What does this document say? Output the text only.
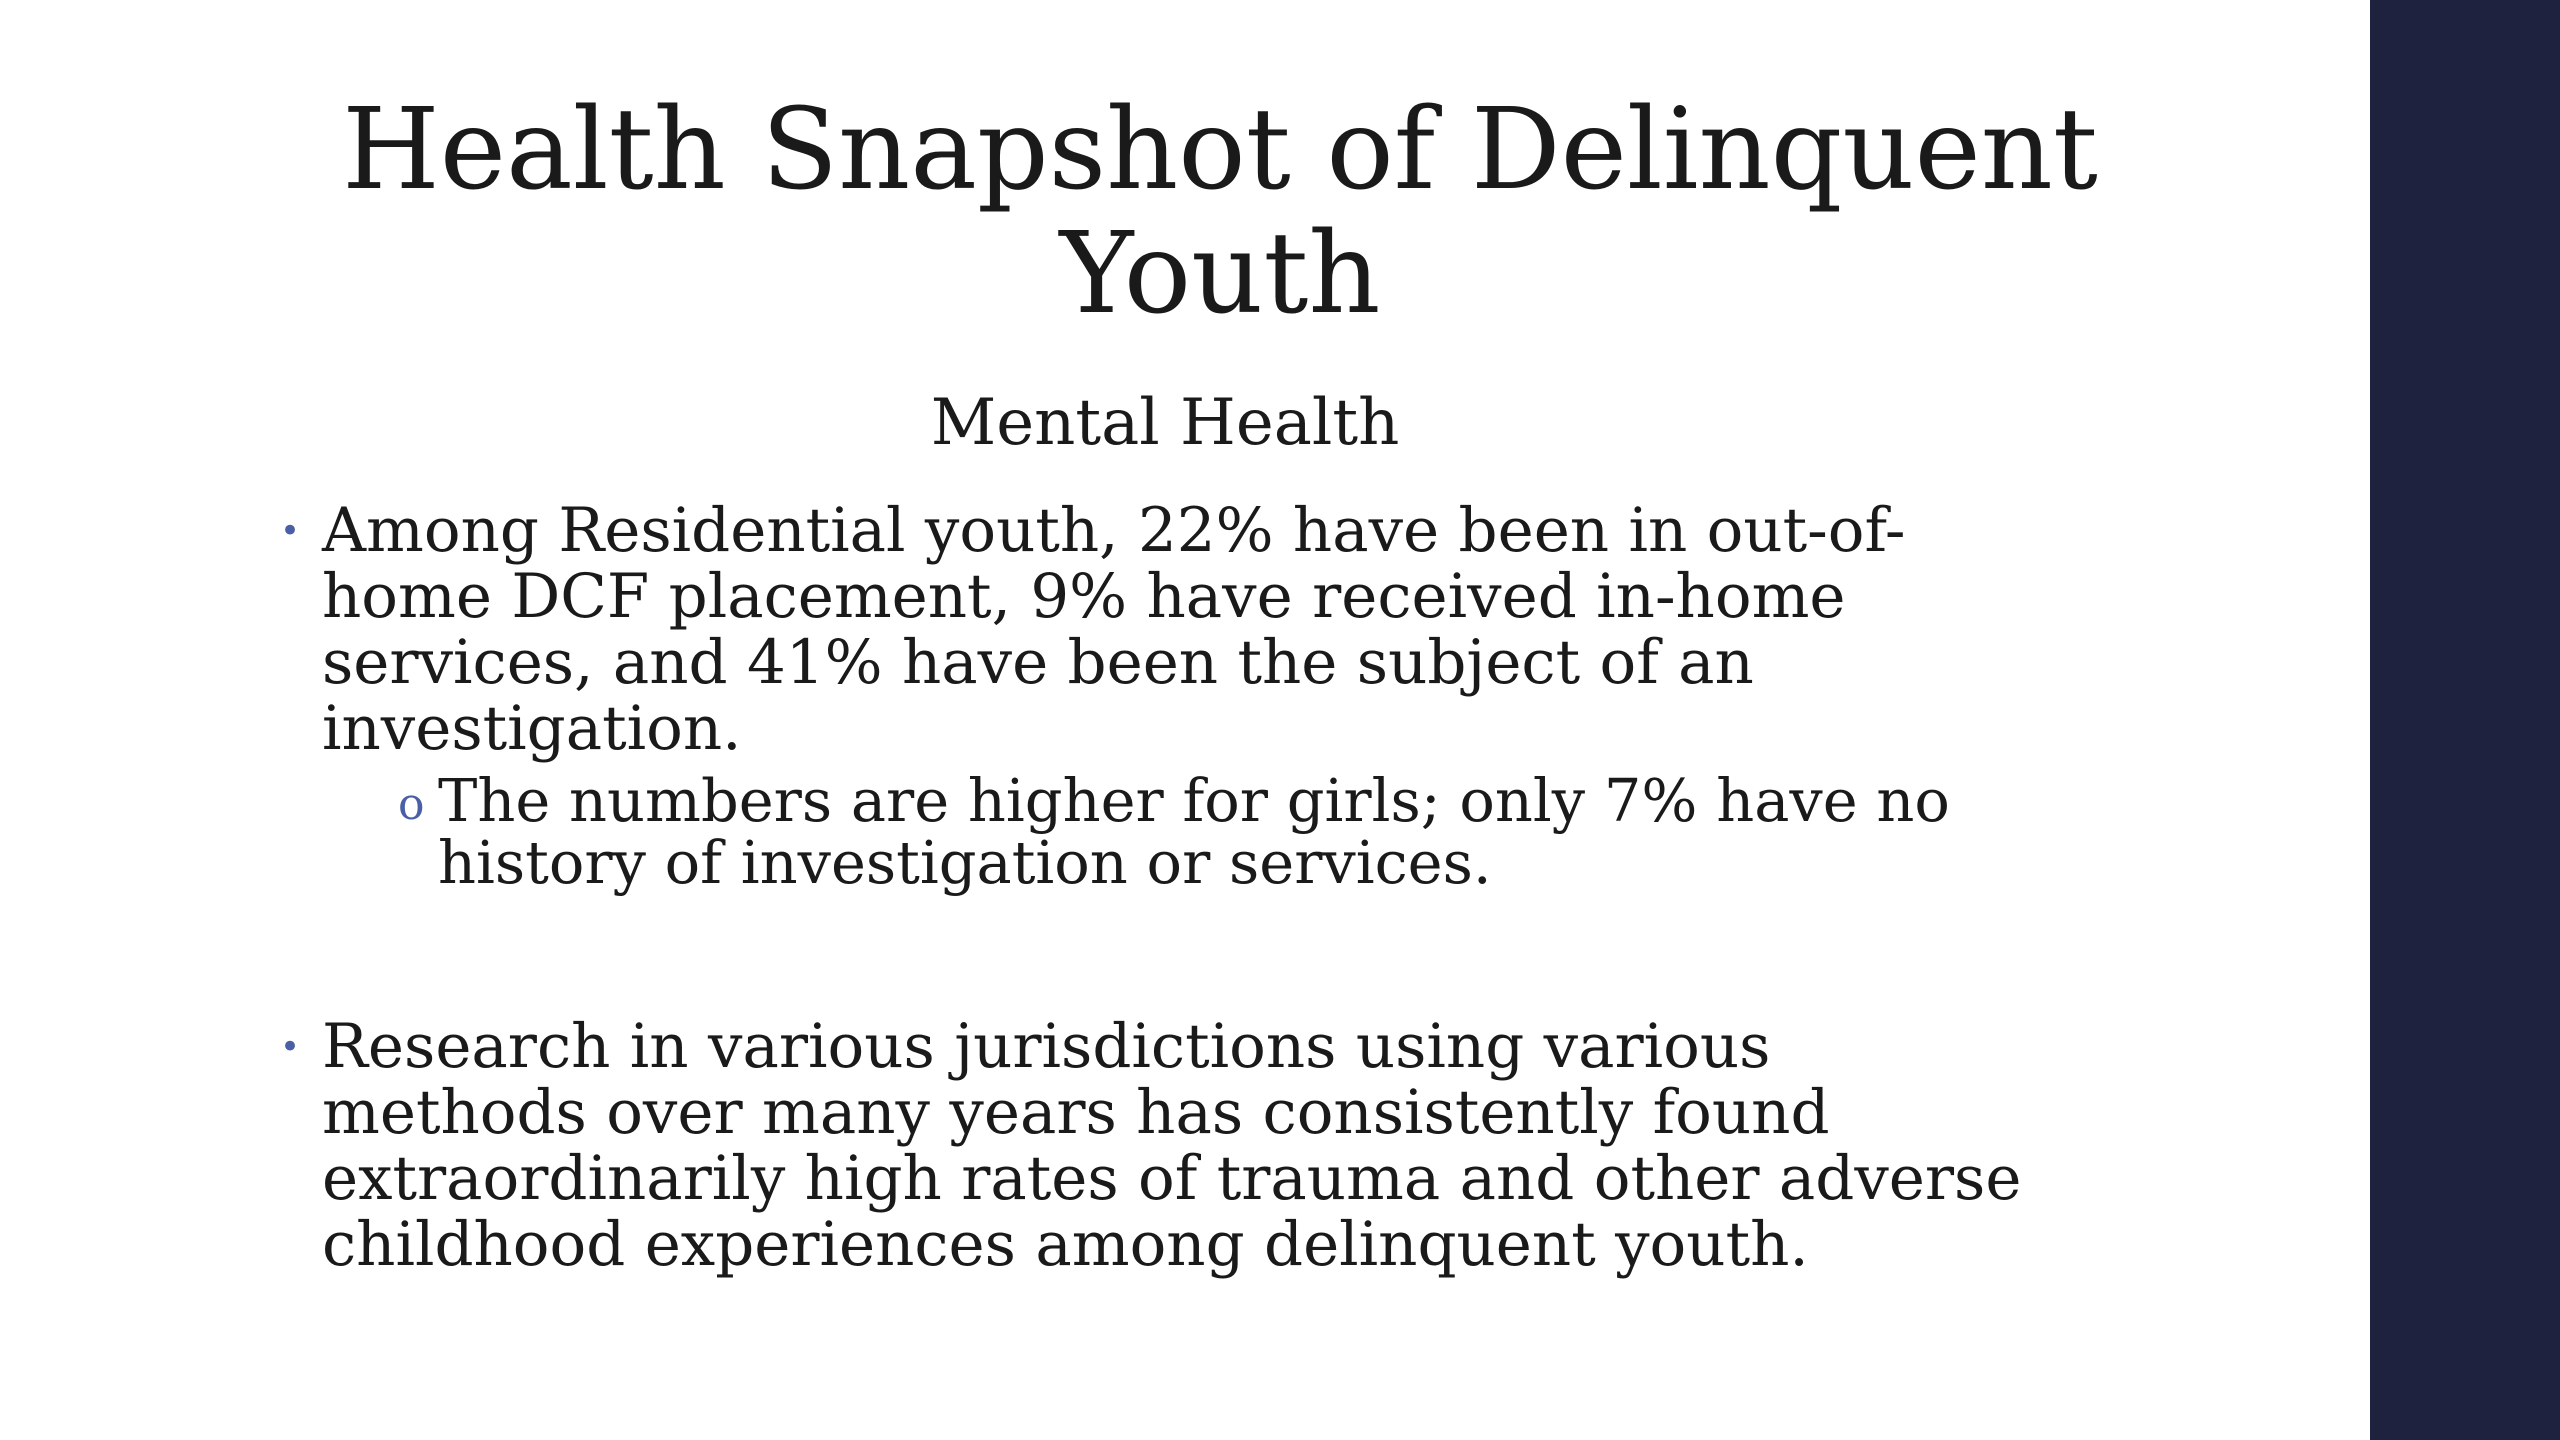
Health Snapshot of Delinquent Youth
Mental Health
• Among Residential youth, 22% have been in out-of-home DCF placement, 9% have received in-home services, and 41% have been the subject of an investigation.
o The numbers are higher for girls; only 7% have no history of investigation or services.
• Research in various jurisdictions using various methods over many years has consistently found extraordinarily high rates of trauma and other adverse childhood experiences among delinquent youth.
